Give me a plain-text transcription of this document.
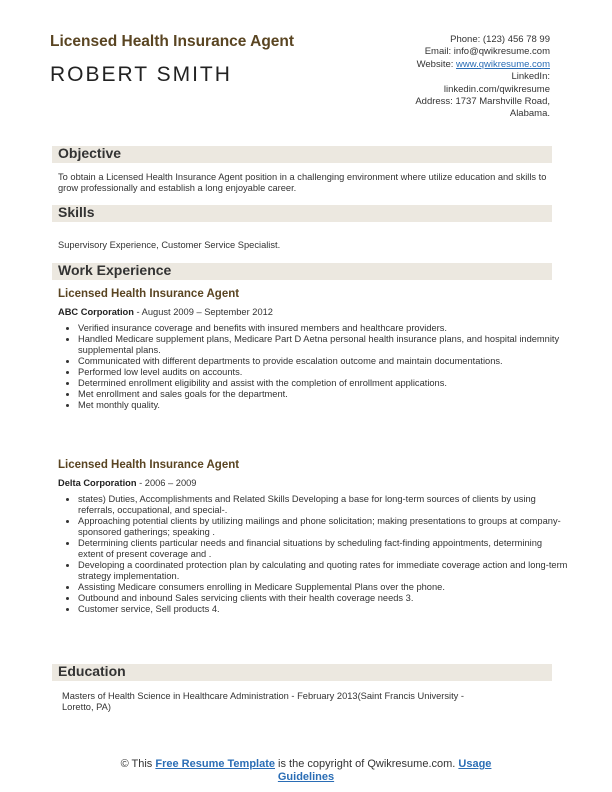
Licensed Health Insurance Agent
ROBERT SMITH
Phone: (123) 456 78 99
Email: info@qwikresume.com
Website: www.qwikresume.com
LinkedIn:
linkedin.com/qwikresume
Address: 1737 Marshville Road,
Alabama.
Objective
To obtain a Licensed Health Insurance Agent position in a challenging environment where utilize education and skills to grow professionally and establish a long enjoyable career.
Skills
Supervisory Experience, Customer Service Specialist.
Work Experience
Licensed Health Insurance Agent
ABC Corporation - August 2009 – September 2012
• Verified insurance coverage and benefits with insured members and healthcare providers.
• Handled Medicare supplement plans, Medicare Part D Aetna personal health insurance plans, and hospital indemnity supplemental plans.
• Communicated with different departments to provide escalation outcome and maintain documentations.
• Performed low level audits on accounts.
• Determined enrollment eligibility and assist with the completion of enrollment applications.
• Met enrollment and sales goals for the department.
• Met monthly quality.
Licensed Health Insurance Agent
Delta Corporation - 2006 – 2009
• states) Duties, Accomplishments and Related Skills Developing a base for long-term sources of clients by using referrals, occupational, and special-.
• Approaching potential clients by utilizing mailings and phone solicitation; making presentations to groups at company-sponsored gatherings; speaking .
• Determining clients particular needs and financial situations by scheduling fact-finding appointments, determining extent of present coverage and .
• Developing a coordinated protection plan by calculating and quoting rates for immediate coverage action and long-term strategy implementation.
• Assisting Medicare consumers enrolling in Medicare Supplemental Plans over the phone.
• Outbound and inbound Sales servicing clients with their health coverage needs 3.
• Customer service, Sell products 4.
Education
Masters of Health Science in Healthcare Administration - February 2013(Saint Francis University -
Loretto, PA)
© This Free Resume Template is the copyright of Qwikresume.com. Usage
Guidelines
